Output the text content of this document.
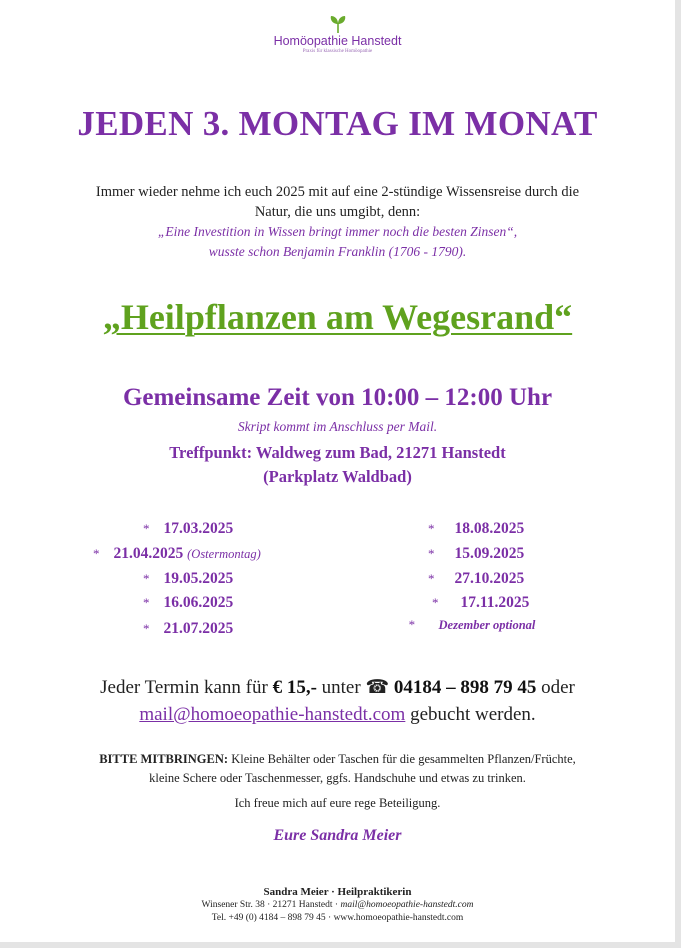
Homöopathie Hanstedt
Praxis für klassische Homöopathie
JEDEN 3. MONTAG IM MONAT
Immer wieder nehme ich euch 2025 mit auf eine 2-stündige Wissensreise durch die
Natur, die uns umgibt, denn:
„Eine Investition in Wissen bringt immer noch die besten Zinsen“,
wusste schon Benjamin Franklin (1706 - 1790).
„Heilpflanzen am Wegesrand“
Gemeinsame Zeit von 10:00 – 12:00 Uhr
Skript kommt im Anschluss per Mail.
Treffpunkt: Waldweg zum Bad, 21271 Hanstedt
(Parkplatz Waldbad)
* 17.03.2025
* 21.04.2025 (Ostermontag)
* 19.05.2025
* 16.06.2025
* 21.07.2025
* 18.08.2025
* 15.09.2025
* 27.10.2025
* 17.11.2025
* Dezember optional
Jeder Termin kann für € 15,- unter ☎ 04184 – 898 79 45 oder
mail@homoeopathie-hanstedt.com gebucht werden.
BITTE MITBRINGEN: Kleine Behälter oder Taschen für die gesammelten Pflanzen/Früchte,
kleine Schere oder Taschenmesser, ggfs. Handschuhe und etwas zu trinken.
Ich freue mich auf eure rege Beteiligung.
Eure Sandra Meier
Sandra Meier · Heilpraktikerin
Winsener Str. 38 · 21271 Hanstedt · mail@homoeopathie-hanstedt.com
Tel. +49 (0) 4184 – 898 79 45 · www.homoeopathie-hanstedt.com
